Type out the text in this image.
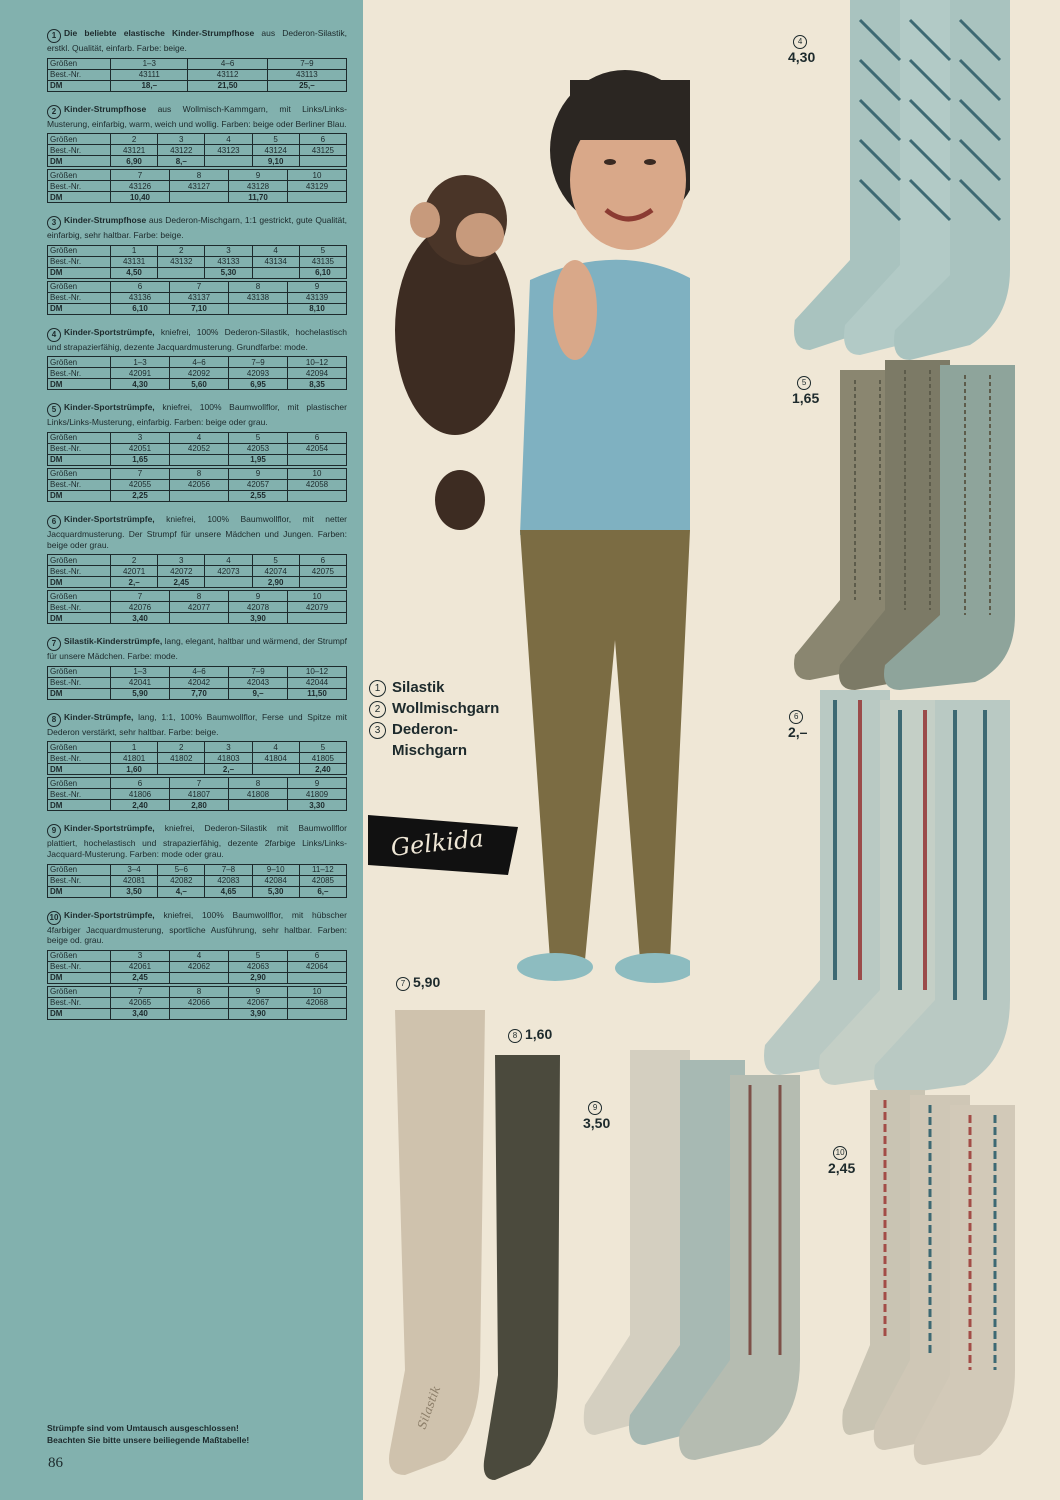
1 Die beliebte elastische Kinder-Strumpfhose aus Dederon-Silastik, erstkl. Qualität, einfarb. Farbe: beige.

Größen	1–3	4–6	7–9
Best.-Nr.	43111	43112	43113
DM	18,–	21,50	25,–

2 Kinder-Strumpfhose aus Wollmisch-Kammgarn, mit Links/Links-Musterung, einfarbig, warm, weich und wollig. Farben: beige oder Berliner Blau.

Größen	2	3	4	5	6
Best.-Nr.	43121	43122	43123	43124	43125
DM	6,90	8,–		9,10	
Größen	7	8	9	10
Best.-Nr.	43126	43127	43128	43129
DM	10,40		11,70	

3 Kinder-Strumpfhose aus Dederon-Mischgarn, 1:1 gestrickt, gute Qualität, einfarbig, sehr haltbar. Farbe: beige.

Größen	1	2	3	4	5
Best.-Nr.	43131	43132	43133	43134	43135
DM	4,50		5,30		6,10
Größen	6	7	8	9
Best.-Nr.	43136	43137	43138	43139
DM	6,10	7,10		8,10

4 Kinder-Sportstrümpfe, kniefrei, 100% Dederon-Silastik, hochelastisch und strapazierfähig, dezente Jacquardmusterung. Grundfarbe: mode.

Größen	1–3	4–6	7–9	10–12
Best.-Nr.	42091	42092	42093	42094
DM	4,30	5,60	6,95	8,35

5 Kinder-Sportstrümpfe, kniefrei, 100% Baumwollflor, mit plastischer Links/Links-Musterung, einfarbig. Farben: beige oder grau.

Größen	3	4	5	6
Best.-Nr.	42051	42052	42053	42054
DM	1,65		1,95	
Größen	7	8	9	10
Best.-Nr.	42055	42056	42057	42058
DM	2,25		2,55	

6 Kinder-Sportstrümpfe, kniefrei, 100% Baumwollflor, mit netter Jacquardmusterung. Der Strumpf für unsere Mädchen und Jungen. Farben: beige oder grau.

Größen	2	3	4	5	6
Best.-Nr.	42071	42072	42073	42074	42075
DM	2,–	2,45		2,90	
Größen	7	8	9	10
Best.-Nr.	42076	42077	42078	42079
DM	3,40		3,90	

7 Silastik-Kinderstrümpfe, lang, elegant, haltbar und wärmend, der Strumpf für unsere Mädchen. Farbe: mode.

Größen	1–3	4–6	7–9	10–12
Best.-Nr.	42041	42042	42043	42044
DM	5,90	7,70	9,–	11,50

8 Kinder-Strümpfe, lang, 1:1, 100% Baumwollflor, Ferse und Spitze mit Dederon verstärkt, sehr haltbar. Farbe: beige.

Größen	1	2	3	4	5
Best.-Nr.	41801	41802	41803	41804	41805
DM	1,60		2,–		2,40
Größen	6	7	8	9
Best.-Nr.	41806	41807	41808	41809
DM	2,40	2,80		3,30

9 Kinder-Sportstrümpfe, kniefrei, Dederon-Silastik mit Baumwollflor plattiert, hochelastisch und strapazierfähig, dezente 2farbige Links/Links-Jacquard-Musterung. Farben: mode oder grau.

Größen	3–4	5–6	7–8	9–10	11–12
Best.-Nr.	42081	42082	42083	42084	42085
DM	3,50	4,–	4,65	5,30	6,–

10 Kinder-Sportstrümpfe, kniefrei, 100% Baumwollflor, mit hübscher 4farbiger Jacquardmusterung, sportliche Ausführung, sehr haltbar. Farben: beige od. grau.

Größen	3	4	5	6
Best.-Nr.	42061	42062	42063	42064
DM	2,45		2,90	
Größen	7	8	9	10
Best.-Nr.	42065	42066	42067	42068
DM	3,40		3,90	
Strümpfe sind vom Umtausch ausgeschlossen!
Beachten Sie bitte unsere beiliegende Maßtabelle!
86
Gelkida
1 Silastik
2 Wollmischgarn
3 Dederon-
Mischgarn
Silastik
4
4,30
5
1,65
6
2,–
7 5,90
8 1,60
9
3,50
10
2,45
